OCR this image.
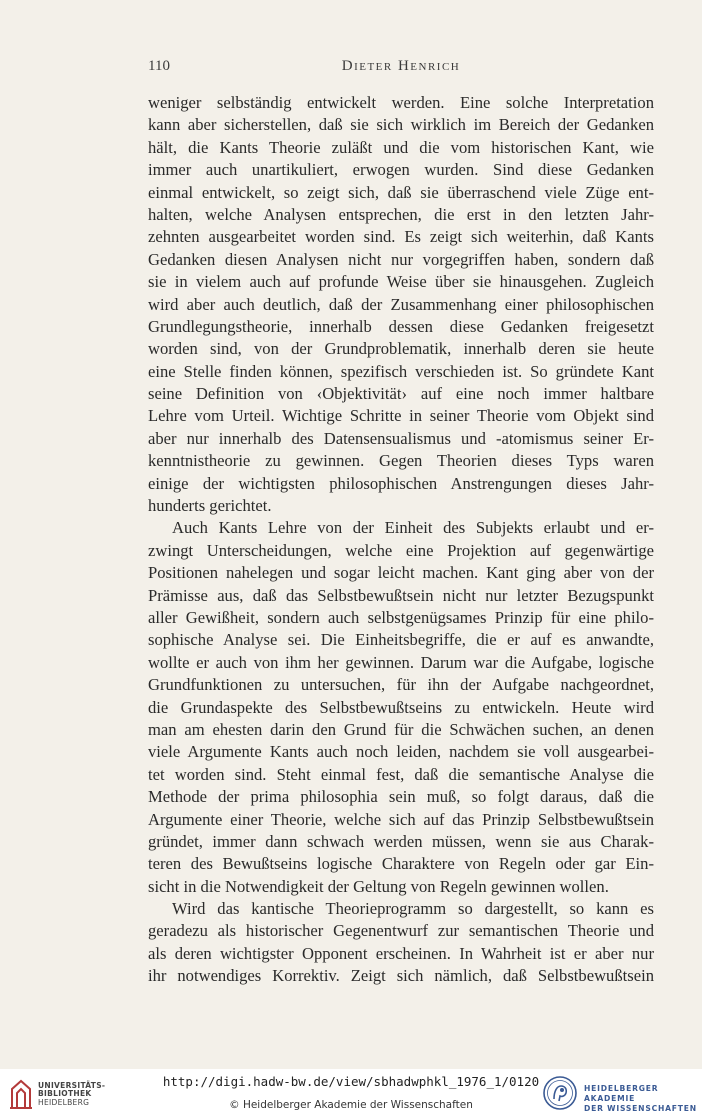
110	Dieter Henrich
weniger selbständig entwickelt werden. Eine solche Interpretation
kann aber sicherstellen, daß sie sich wirklich im Bereich der Gedanken
hält, die Kants Theorie zuläßt und die vom historischen Kant, wie
immer auch unartikuliert, erwogen wurden. Sind diese Gedanken
einmal entwickelt, so zeigt sich, daß sie überraschend viele Züge ent-
halten, welche Analysen entsprechen, die erst in den letzten Jahr-
zehnten ausgearbeitet worden sind. Es zeigt sich weiterhin, daß Kants
Gedanken diesen Analysen nicht nur vorgegriffen haben, sondern daß
sie in vielem auch auf profunde Weise über sie hinausgehen. Zugleich
wird aber auch deutlich, daß der Zusammenhang einer philosophischen
Grundlegungstheorie, innerhalb dessen diese Gedanken freigesetzt
worden sind, von der Grundproblematik, innerhalb deren sie heute
eine Stelle finden können, spezifisch verschieden ist. So gründete Kant
seine Definition von ‹Objektivität› auf eine noch immer haltbare
Lehre vom Urteil. Wichtige Schritte in seiner Theorie vom Objekt sind
aber nur innerhalb des Datensensualismus und -atomismus seiner Er-
kenntnistheorie zu gewinnen. Gegen Theorien dieses Typs waren
einige der wichtigsten philosophischen Anstrengungen dieses Jahr-
hunderts gerichtet.
Auch Kants Lehre von der Einheit des Subjekts erlaubt und er-
zwingt Unterscheidungen, welche eine Projektion auf gegenwärtige
Positionen nahelegen und sogar leicht machen. Kant ging aber von der
Prämisse aus, daß das Selbstbewußtsein nicht nur letzter Bezugspunkt
aller Gewißheit, sondern auch selbstgenügsames Prinzip für eine philo-
sophische Analyse sei. Die Einheitsbegriffe, die er auf es anwandte,
wollte er auch von ihm her gewinnen. Darum war die Aufgabe, logische
Grundfunktionen zu untersuchen, für ihn der Aufgabe nachgeordnet,
die Grundaspekte des Selbstbewußtseins zu entwickeln. Heute wird
man am ehesten darin den Grund für die Schwächen suchen, an denen
viele Argumente Kants auch noch leiden, nachdem sie voll ausgearbei-
tet worden sind. Steht einmal fest, daß die semantische Analyse die
Methode der prima philosophia sein muß, so folgt daraus, daß die
Argumente einer Theorie, welche sich auf das Prinzip Selbstbewußtsein
gründet, immer dann schwach werden müssen, wenn sie aus Charak-
teren des Bewußtseins logische Charaktere von Regeln oder gar Ein-
sicht in die Notwendigkeit der Geltung von Regeln gewinnen wollen.
Wird das kantische Theorieprogramm so dargestellt, so kann es
geradezu als historischer Gegenentwurf zur semantischen Theorie und
als deren wichtigster Opponent erscheinen. In Wahrheit ist er aber nur
ihr notwendiges Korrektiv. Zeigt sich nämlich, daß Selbstbewußtsein
UNIVERSITÄTS-
BIBLIOTHEK
HEIDELBERG
http://digi.hadw-bw.de/view/sbhadwphkl_1976_1/0120
© Heidelberger Akademie der Wissenschaften
HEIDELBERGER AKADEMIE
DER WISSENSCHAFTEN
